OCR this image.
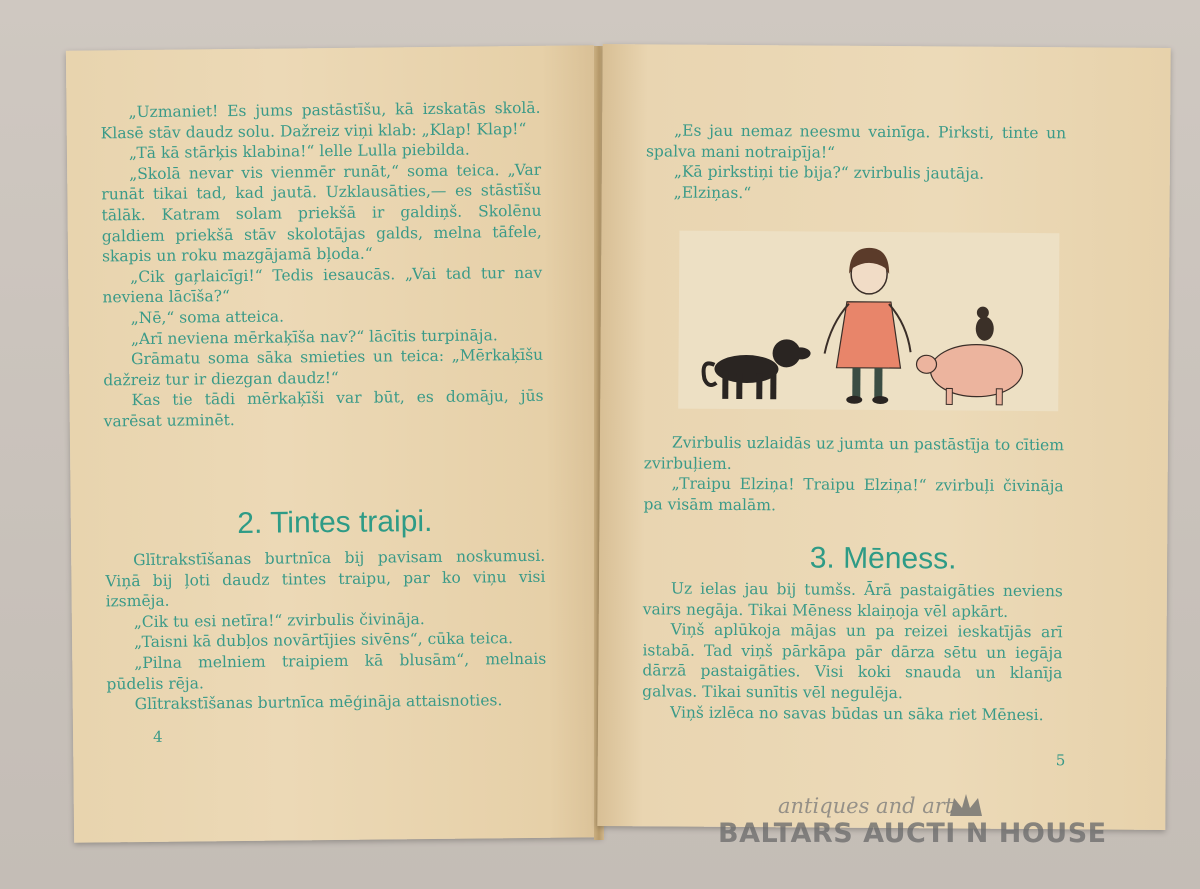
„Uzmaniet! Es jums pastāstīšu, kā izskatās skolā. Klasē stāv daudz solu. Dažreiz viņi klab: „Klap! Klap!“

„Tā kā stārķis klabina!“ lelle Lulla piebilda.

„Skolā nevar vis vienmēr runāt,“ soma teica. „Var runāt tikai tad, kad jautā. Uzklausāties,— es stāstīšu tālāk. Katram solam priekšā ir galdiņš. Skolēnu galdiem priekšā stāv skolotājas galds, melna tāfele, skapis un roku mazgājamā bļoda.“

„Cik gaŗlaicīgi!“ Tedis iesaucās. „Vai tad tur nav neviena lācīša?“

„Nē,“ soma atteica.

„Arī neviena mērkaķīša nav?“ lācītis turpināja.

Grāmatu soma sāka smieties un teica: „Mērkaķīšu dažreiz tur ir diezgan daudz!“

Kas tie tādi mērkaķīši var būt, es domāju, jūs varēsat uzminēt.

2. Tintes traipi.

Glītrakstīšanas burtnīca bij pavisam noskumusi. Viņā bij ļoti daudz tintes traipu, par ko viņu visi izsmēja.

„Cik tu esi netīra!“ zvirbulis čivināja.

„Taisni kā dubļos novārtījies sivēns“, cūka teica.

„Pilna melniem traipiem kā blusām“, melnais pūdelis rēja.

Glītrakstīšanas burtnīca mēģināja attaisnoties.

4

„Es jau nemaz neesmu vainīga. Pirksti, tinte un spalva mani notraipīja!“

„Kā pirkstiņi tie bija?“ zvirbulis jautāja.

„Elziņas.“

Zvirbulis uzlaidās uz jumta un pastāstīja to cītiem zvirbuļiem.

„Traipu Elziņa! Traipu Elziņa!“ zvirbuļi čivināja pa visām malām.

3. Mēness.

Uz ielas jau bij tumšs. Ārā pastaigāties neviens vairs negāja. Tikai Mēness klaiņoja vēl apkārt.

Viņš aplūkoja mājas un pa reizei ieskatījās arī istabā. Tad viņš pārkāpa pār dārza sētu un iegāja dārzā pastaigāties. Visi koki snauda un klanīja galvas. Tikai sunītis vēl negulēja.

Viņš izlēca no savas būdas un sāka riet Mēnesi.

5
antiques and art
BALTARS AUCTI N HOUSE
